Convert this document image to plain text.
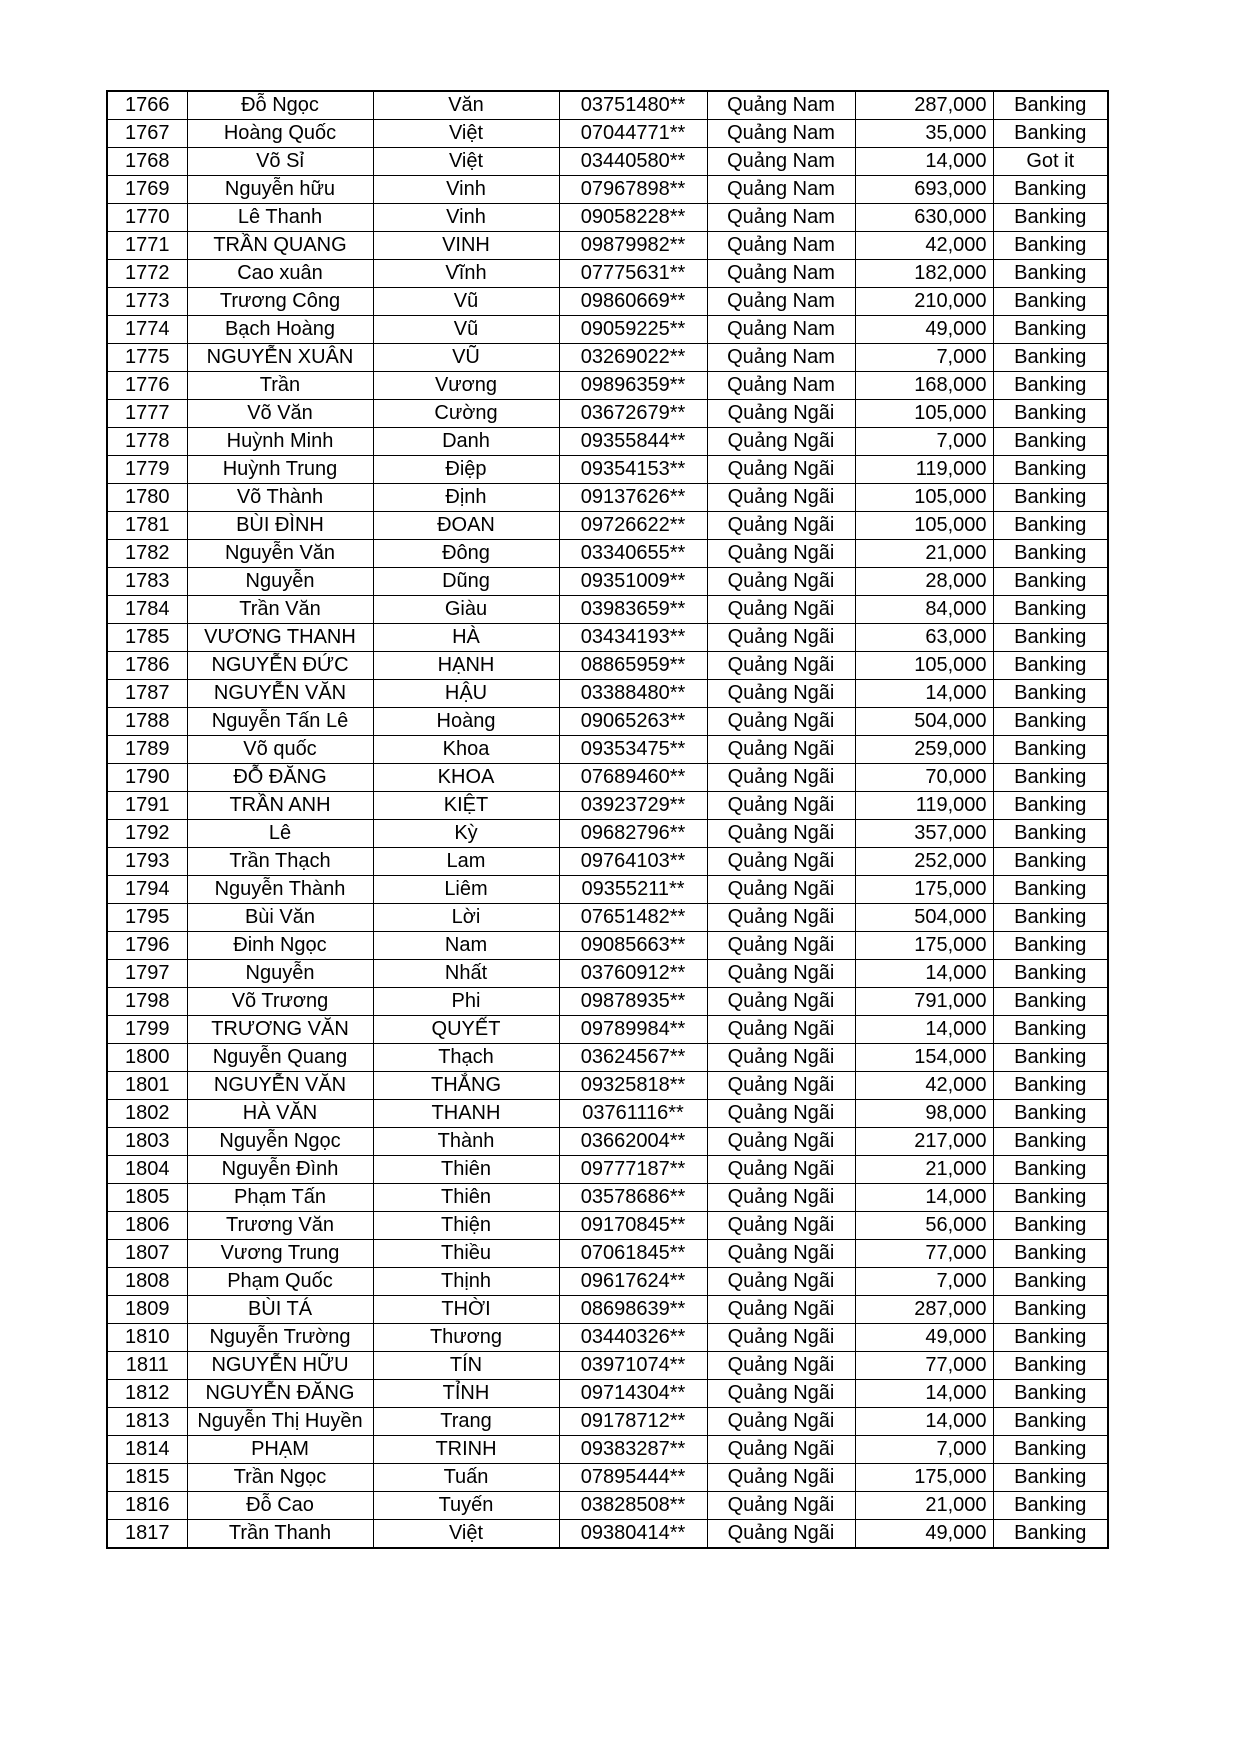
1766	Đỗ Ngọc	Văn	03751480**	Quảng Nam	287,000	Banking
1767	Hoàng Quốc	Việt	07044771**	Quảng Nam	35,000	Banking
1768	Võ Sỉ	Việt	03440580**	Quảng Nam	14,000	Got it
1769	Nguyễn hữu	Vinh	07967898**	Quảng Nam	693,000	Banking
1770	Lê Thanh	Vinh	09058228**	Quảng Nam	630,000	Banking
1771	TRẦN QUANG	VINH	09879982**	Quảng Nam	42,000	Banking
1772	Cao xuân	Vĩnh	07775631**	Quảng Nam	182,000	Banking
1773	Trương Công	Vũ	09860669**	Quảng Nam	210,000	Banking
1774	Bạch Hoàng	Vũ	09059225**	Quảng Nam	49,000	Banking
1775	NGUYỄN XUÂN	VŨ	03269022**	Quảng Nam	7,000	Banking
1776	Trần	Vương	09896359**	Quảng Nam	168,000	Banking
1777	Võ Văn	Cường	03672679**	Quảng Ngãi	105,000	Banking
1778	Huỳnh Minh	Danh	09355844**	Quảng Ngãi	7,000	Banking
1779	Huỳnh Trung	Điệp	09354153**	Quảng Ngãi	119,000	Banking
1780	Võ Thành	Định	09137626**	Quảng Ngãi	105,000	Banking
1781	BÙI ĐÌNH	ĐOAN	09726622**	Quảng Ngãi	105,000	Banking
1782	Nguyễn Văn	Đông	03340655**	Quảng Ngãi	21,000	Banking
1783	Nguyễn	Dũng	09351009**	Quảng Ngãi	28,000	Banking
1784	Trần Văn	Giàu	03983659**	Quảng Ngãi	84,000	Banking
1785	VƯƠNG THANH	HÀ	03434193**	Quảng Ngãi	63,000	Banking
1786	NGUYỄN ĐỨC	HẠNH	08865959**	Quảng Ngãi	105,000	Banking
1787	NGUYỄN VĂN	HẬU	03388480**	Quảng Ngãi	14,000	Banking
1788	Nguyễn Tấn Lê	Hoàng	09065263**	Quảng Ngãi	504,000	Banking
1789	Võ quốc	Khoa	09353475**	Quảng Ngãi	259,000	Banking
1790	ĐỖ ĐĂNG	KHOA	07689460**	Quảng Ngãi	70,000	Banking
1791	TRẦN ANH	KIỆT	03923729**	Quảng Ngãi	119,000	Banking
1792	Lê	Kỳ	09682796**	Quảng Ngãi	357,000	Banking
1793	Trần Thạch	Lam	09764103**	Quảng Ngãi	252,000	Banking
1794	Nguyễn Thành	Liêm	09355211**	Quảng Ngãi	175,000	Banking
1795	Bùi Văn	Lời	07651482**	Quảng Ngãi	504,000	Banking
1796	Đinh Ngọc	Nam	09085663**	Quảng Ngãi	175,000	Banking
1797	Nguyễn	Nhất	03760912**	Quảng Ngãi	14,000	Banking
1798	Võ Trương	Phi	09878935**	Quảng Ngãi	791,000	Banking
1799	TRƯƠNG VĂN	QUYẾT	09789984**	Quảng Ngãi	14,000	Banking
1800	Nguyễn Quang	Thạch	03624567**	Quảng Ngãi	154,000	Banking
1801	NGUYỄN VĂN	THẮNG	09325818**	Quảng Ngãi	42,000	Banking
1802	HÀ VĂN	THANH	03761116**	Quảng Ngãi	98,000	Banking
1803	Nguyễn Ngọc	Thành	03662004**	Quảng Ngãi	217,000	Banking
1804	Nguyễn Đình	Thiên	09777187**	Quảng Ngãi	21,000	Banking
1805	Phạm Tấn	Thiên	03578686**	Quảng Ngãi	14,000	Banking
1806	Trương Văn	Thiện	09170845**	Quảng Ngãi	56,000	Banking
1807	Vương Trung	Thiều	07061845**	Quảng Ngãi	77,000	Banking
1808	Phạm Quốc	Thịnh	09617624**	Quảng Ngãi	7,000	Banking
1809	BÙI TÁ	THỜI	08698639**	Quảng Ngãi	287,000	Banking
1810	Nguyễn Trường	Thương	03440326**	Quảng Ngãi	49,000	Banking
1811	NGUYỄN HỮU	TÍN	03971074**	Quảng Ngãi	77,000	Banking
1812	NGUYỄN ĐĂNG	TỈNH	09714304**	Quảng Ngãi	14,000	Banking
1813	Nguyễn Thị Huyền	Trang	09178712**	Quảng Ngãi	14,000	Banking
1814	PHẠM	TRINH	09383287**	Quảng Ngãi	7,000	Banking
1815	Trần Ngọc	Tuấn	07895444**	Quảng Ngãi	175,000	Banking
1816	Đỗ Cao	Tuyến	03828508**	Quảng Ngãi	21,000	Banking
1817	Trần Thanh	Việt	09380414**	Quảng Ngãi	49,000	Banking
